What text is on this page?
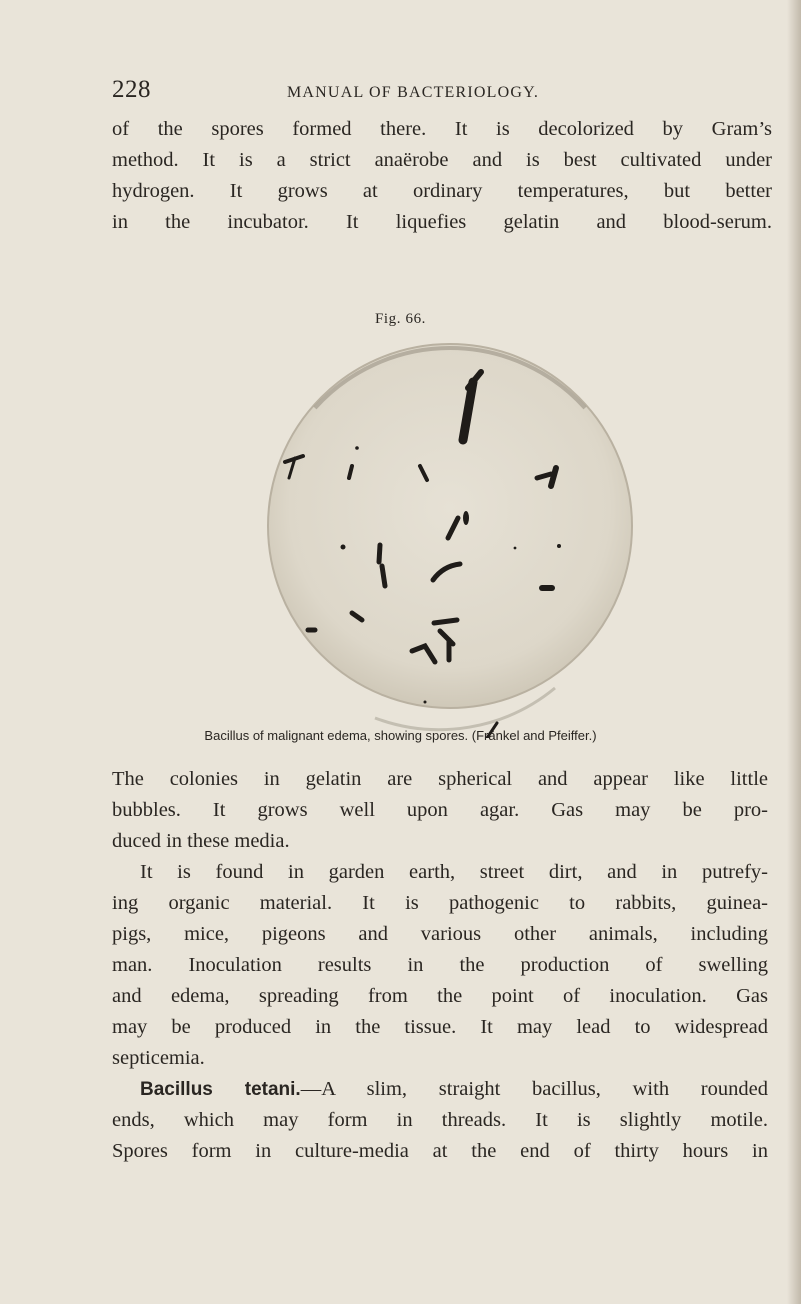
228	MANUAL OF BACTERIOLOGY.
of the spores formed there. It is decolorized by Gram’s
method. It is a strict anaërobe and is best cultivated under
hydrogen. It grows at ordinary temperatures, but better
in the incubator. It liquefies gelatin and blood-serum.
Fig. 66.
Bacillus of malignant edema, showing spores. (Fränkel and Pfeiffer.)

The colonies in gelatin are spherical and appear like little
bubbles. It grows well upon agar. Gas may be pro-

duced in these media.

It is found in garden earth, street dirt, and in putrefy-

ing organic material. It is pathogenic to rabbits, guinea-

pigs, mice, pigeons and various other animals, including

man. Inoculation results in the production of swelling

and edema, spreading from the point of inoculation. Gas

may be produced in the tissue. It may lead to widespread

septicemia.

Bacillus tetani.—A slim, straight bacillus, with rounded

ends, which may form in threads. It is slightly motile.

Spores form in culture-media at the end of thirty hours in
